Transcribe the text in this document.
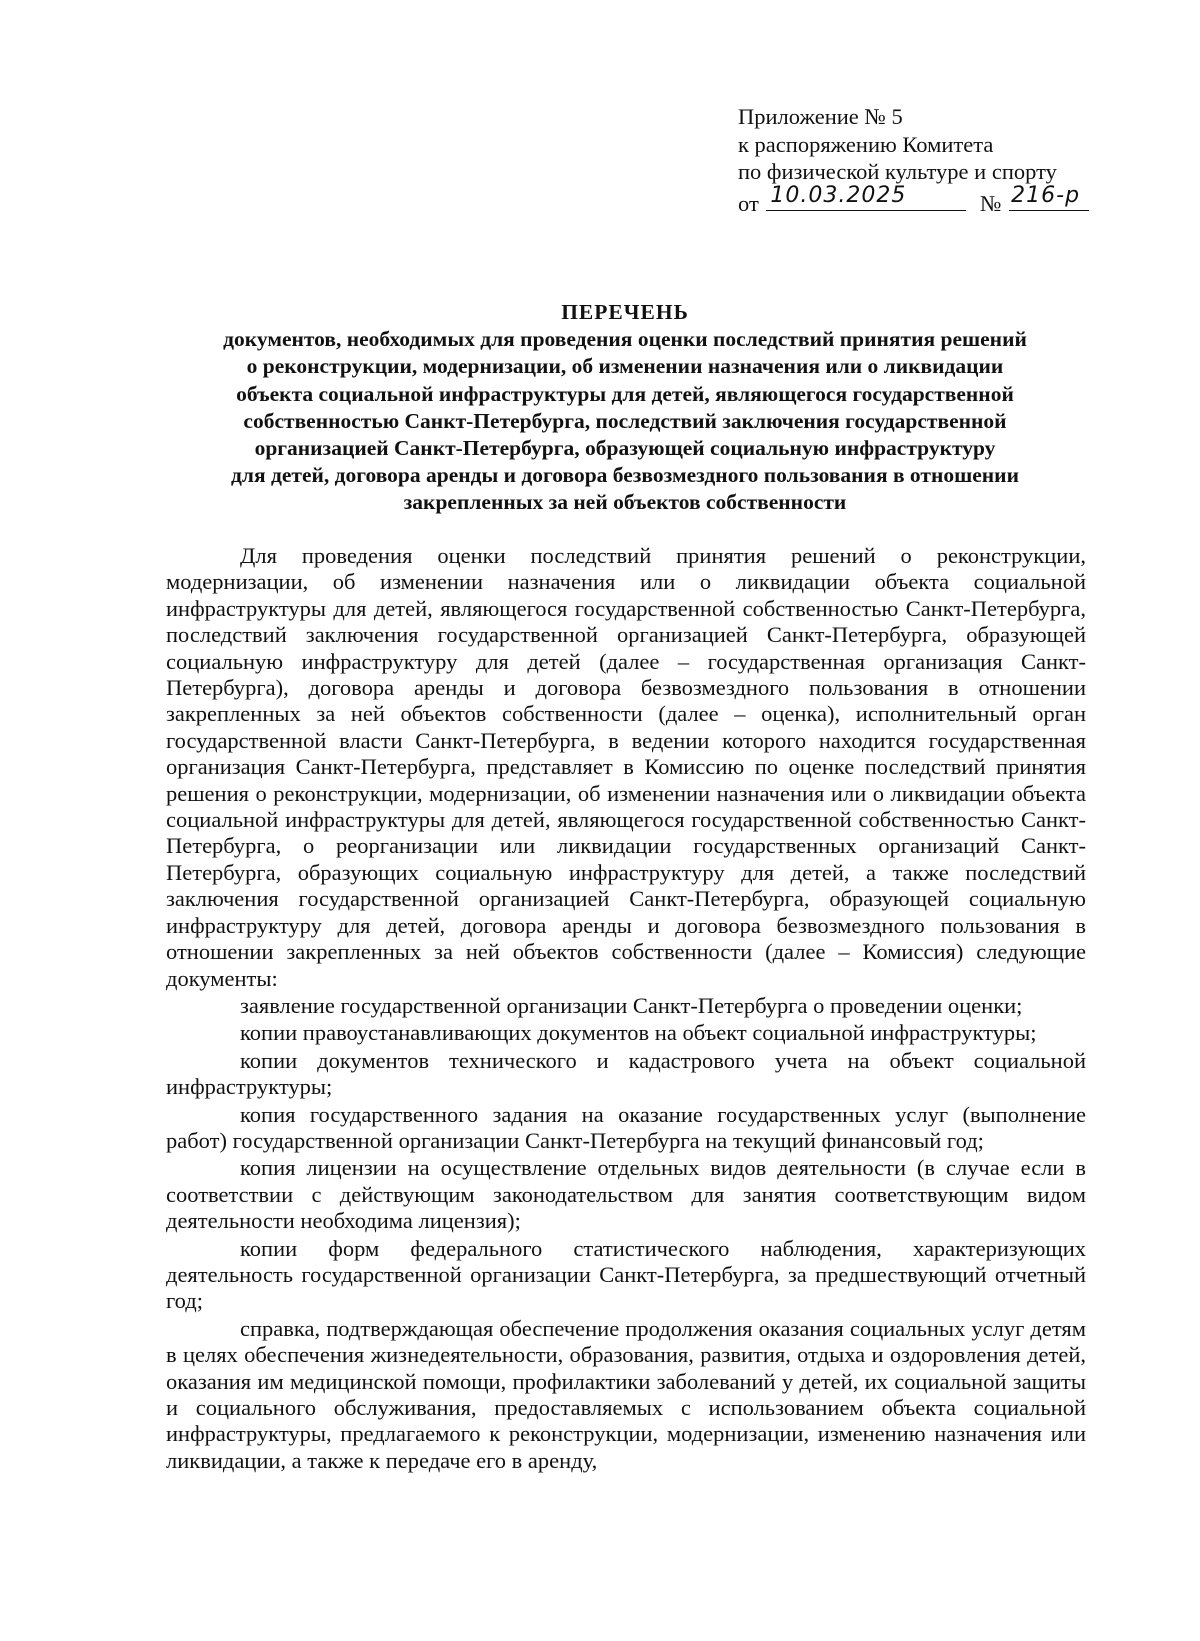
Приложение № 5
к распоряжению Комитета
по физической культуре и спорту
от 10.03.2025	№ 216-р
ПЕРЕЧЕНЬ
документов, необходимых для проведения оценки последствий принятия решений
о реконструкции, модернизации, об изменении назначения или о ликвидации
объекта социальной инфраструктуры для детей, являющегося государственной
собственностью Санкт-Петербурга, последствий заключения государственной
организацией Санкт-Петербурга, образующей социальную инфраструктуру
для детей, договора аренды и договора безвозмездного пользования в отношении
закрепленных за ней объектов собственности

Для проведения оценки последствий принятия решений о реконструкции, модернизации, об изменении назначения или о ликвидации объекта социальной инфраструктуры для детей, являющегося государственной собственностью Санкт-Петербурга, последствий заключения государственной организацией Санкт-Петербурга, образующей социальную инфраструктуру для детей (далее – государственная организация Санкт-Петербурга), договора аренды и договора безвозмездного пользования в отношении закрепленных за ней объектов собственности (далее – оценка), исполнительный орган государственной власти Санкт-Петербурга, в ведении которого находится государственная организация Санкт-Петербурга, представляет в Комиссию по оценке последствий принятия решения о реконструкции, модернизации, об изменении назначения или о ликвидации объекта социальной инфраструктуры для детей, являющегося государственной собственностью Санкт-Петербурга, о реорганизации или ликвидации государственных организаций Санкт-Петербурга, образующих социальную инфраструктуру для детей, а также последствий заключения государственной организацией Санкт-Петербурга, образующей социальную инфраструктуру для детей, договора аренды и договора безвозмездного пользования в отношении закрепленных за ней объектов собственности (далее – Комиссия) следующие документы:

заявление государственной организации Санкт-Петербурга о проведении оценки;

копии правоустанавливающих документов на объект социальной инфраструктуры;

копии документов технического и кадастрового учета на объект социальной инфраструктуры;

копия государственного задания на оказание государственных услуг (выполнение работ) государственной организации Санкт-Петербурга на текущий финансовый год;

копия лицензии на осуществление отдельных видов деятельности (в случае если в соответствии с действующим законодательством для занятия соответствующим видом деятельности необходима лицензия);

копии форм федерального статистического наблюдения, характеризующих деятельность государственной организации Санкт-Петербурга, за предшествующий отчетный год;

справка, подтверждающая обеспечение продолжения оказания социальных услуг детям в целях обеспечения жизнедеятельности, образования, развития, отдыха и оздоровления детей, оказания им медицинской помощи, профилактики заболеваний у детей, их социальной защиты и социального обслуживания, предоставляемых с использованием объекта социальной инфраструктуры, предлагаемого к реконструкции, модернизации, изменению назначения или ликвидации, а также к передаче его в аренду,
